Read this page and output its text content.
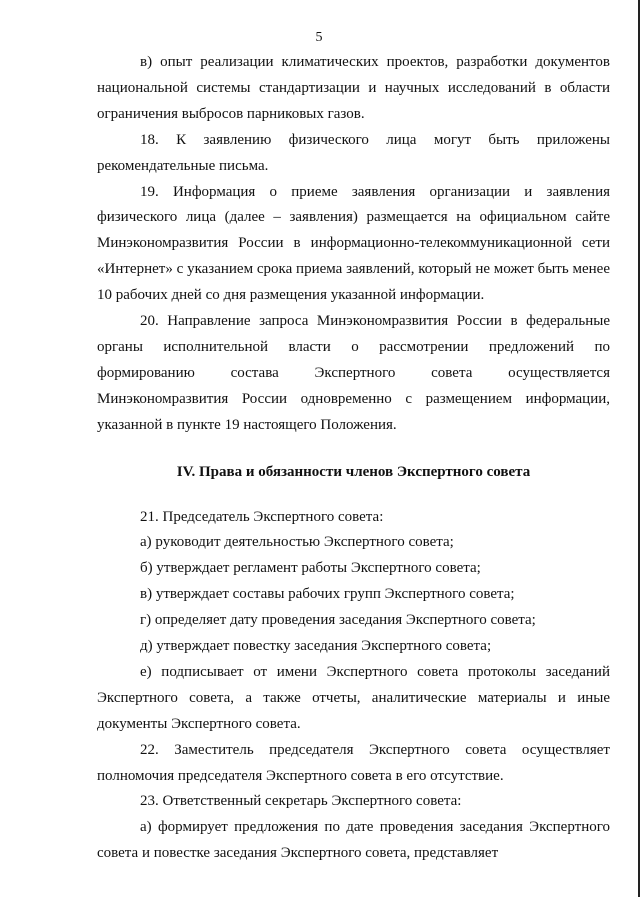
5

в) опыт реализации климатических проектов, разработки документов национальной системы стандартизации и научных исследований в области ограничения выбросов парниковых газов.

18. К заявлению физического лица могут быть приложены рекомендательные письма.

19. Информация о приеме заявления организации и заявления физического лица (далее – заявления) размещается на официальном сайте Минэкономразвития России в информационно-телекоммуникационной сети «Интернет» с указанием срока приема заявлений, который не может быть менее 10 рабочих дней со дня размещения указанной информации.

20. Направление запроса Минэкономразвития России в федеральные органы исполнительной власти о рассмотрении предложений по формированию состава Экспертного совета осуществляется Минэкономразвития России одновременно с размещением информации, указанной в пункте 19 настоящего Положения.

IV. Права и обязанности членов Экспертного совета

21. Председатель Экспертного совета:

а) руководит деятельностью Экспертного совета;

б) утверждает регламент работы Экспертного совета;

в) утверждает составы рабочих групп Экспертного совета;

г) определяет дату проведения заседания Экспертного совета;

д) утверждает повестку заседания Экспертного совета;

е) подписывает от имени Экспертного совета протоколы заседаний Экспертного совета, а также отчеты, аналитические материалы и иные документы Экспертного совета.

22. Заместитель председателя Экспертного совета осуществляет полномочия председателя Экспертного совета в его отсутствие.

23. Ответственный секретарь Экспертного совета:

а) формирует предложения по дате проведения заседания Экспертного совета и повестке заседания Экспертного совета, представляет
